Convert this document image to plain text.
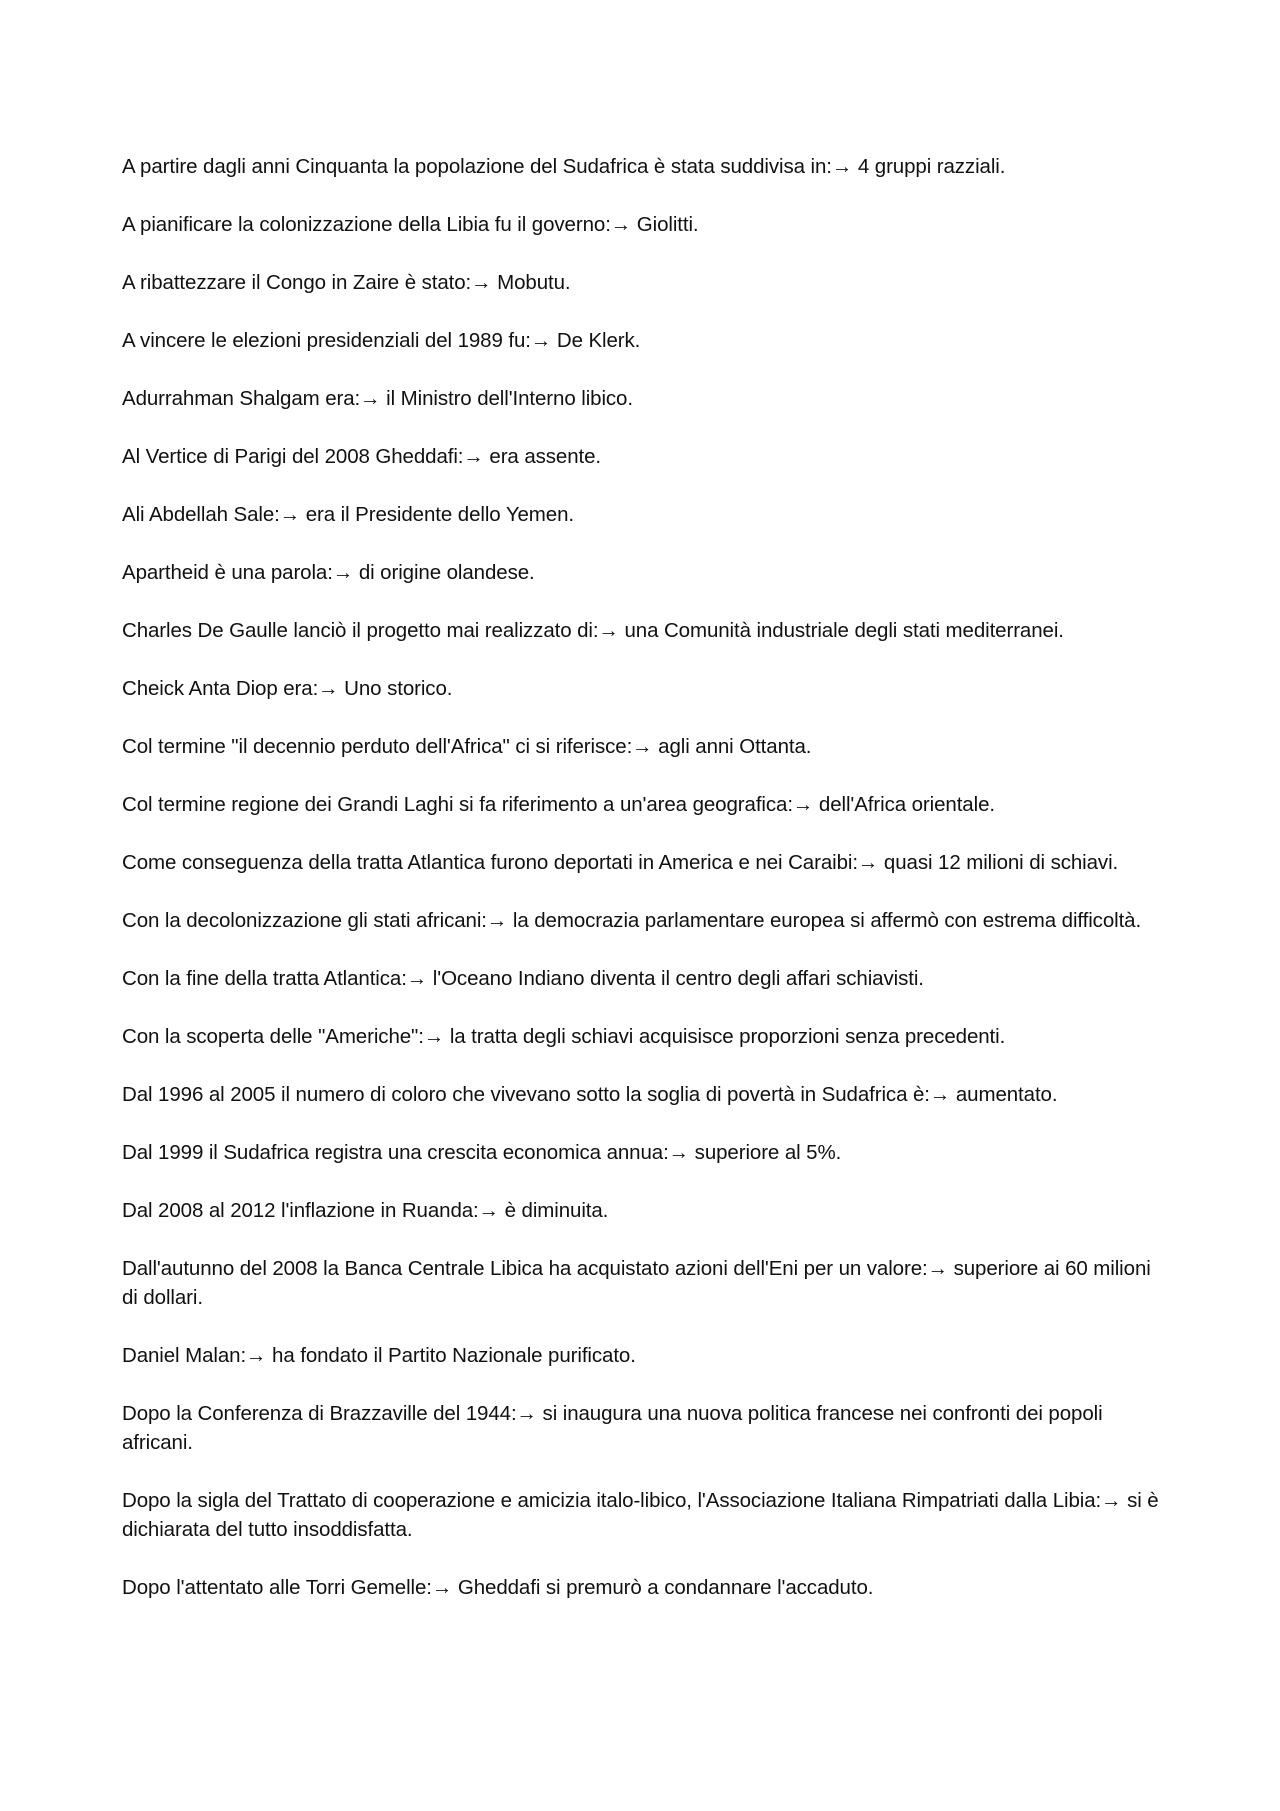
A partire dagli anni Cinquanta la popolazione del Sudafrica è stata suddivisa in:→ 4 gruppi razziali.

A pianificare la colonizzazione della Libia fu il governo:→ Giolitti.

A ribattezzare il Congo in Zaire è stato:→ Mobutu.

A vincere le elezioni presidenziali del 1989 fu:→ De Klerk.

Adurrahman Shalgam era:→ il Ministro dell'Interno libico.

Al Vertice di Parigi del 2008 Gheddafi:→ era assente.

Ali Abdellah Sale:→ era il Presidente dello Yemen.

Apartheid è una parola:→ di origine olandese.

Charles De Gaulle lanciò il progetto mai realizzato di:→ una Comunità industriale degli stati mediterranei.

Cheick Anta Diop era:→ Uno storico.

Col termine "il decennio perduto dell'Africa" ci si riferisce:→ agli anni Ottanta.

Col termine regione dei Grandi Laghi si fa riferimento a un'area geografica:→ dell'Africa orientale.

Come conseguenza della tratta Atlantica furono deportati in America e nei Caraibi:→ quasi 12 milioni di schiavi.

Con la decolonizzazione gli stati africani:→ la democrazia parlamentare europea si affermò con estrema difficoltà.

Con la fine della tratta Atlantica:→ l'Oceano Indiano diventa il centro degli affari schiavisti.

Con la scoperta delle "Americhe":→ la tratta degli schiavi acquisisce proporzioni senza precedenti.

Dal 1996 al 2005 il numero di coloro che vivevano sotto la soglia di povertà in Sudafrica è:→ aumentato.

Dal 1999 il Sudafrica registra una crescita economica annua:→ superiore al 5%.

Dal 2008 al 2012 l'inflazione in Ruanda:→ è diminuita.

Dall'autunno del 2008 la Banca Centrale Libica ha acquistato azioni dell'Eni per un valore:→ superiore ai 60 milioni di dollari.

Daniel Malan:→ ha fondato il Partito Nazionale purificato.

Dopo la Conferenza di Brazzaville del 1944:→ si inaugura una nuova politica francese nei confronti dei popoli africani.

Dopo la sigla del Trattato di cooperazione e amicizia italo-libico, l'Associazione Italiana Rimpatriati dalla Libia:→ si è dichiarata del tutto insoddisfatta.

Dopo l'attentato alle Torri Gemelle:→ Gheddafi si premurò a condannare l'accaduto.
